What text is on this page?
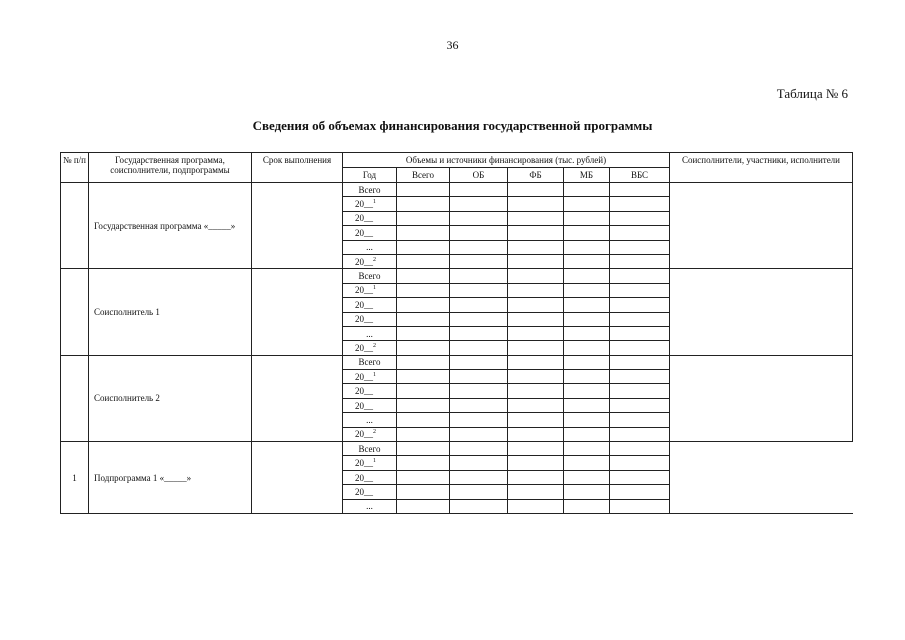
36
Таблица № 6
Сведения об объемах финансирования государственной программы
№ п/п	Государственная программа, соисполнители, подпрограммы	Срок выполнения	Объемы и источники финансирования (тыс. рублей)						Соисполнители, участники, исполнители
			Год	Всего	ОБ	ФБ	МБ	ВБС	
	Государственная программа «_____»		Всего						
			20__$^1$					
			20__						
			20__						
			...						
			20__$^2$					
	Соисполнитель 1		Всего						
			20__$^1$					
			20__						
			20__						
			...						
			20__$^2$					
	Соисполнитель 2		Всего						
			20__$^1$					
			20__						
			20__						
			...						
			20__$^2$					
1	Подпрограмма 1 «_____»		Всего						
			20__$^1$					
			20__						
			20__						
			...						
